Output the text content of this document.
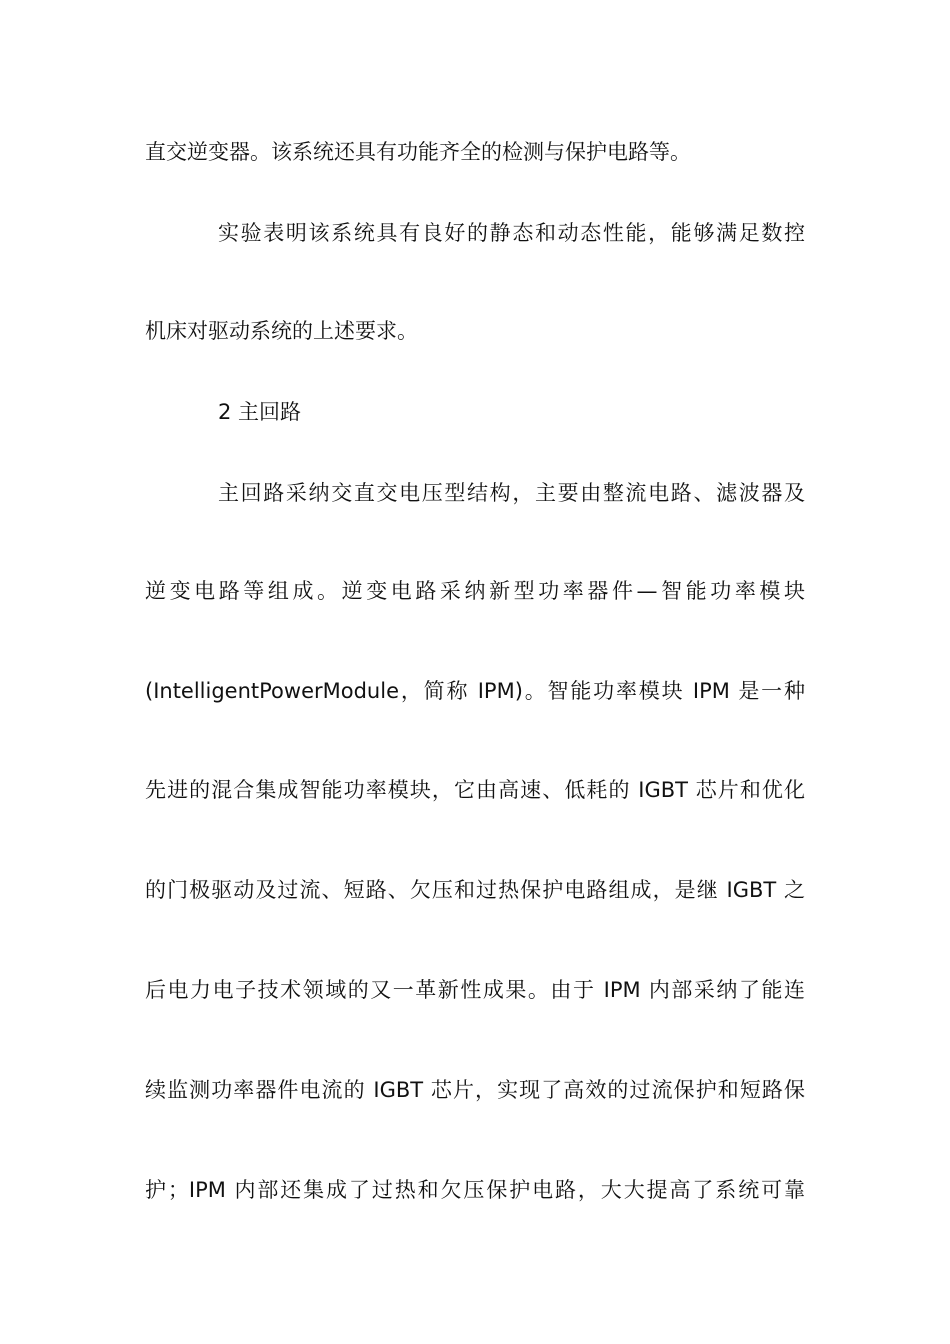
直交逆变器。该系统还具有功能齐全的检测与保护电路等。
实验表明该系统具有良好的静态和动态性能，能够满足数控
机床对驱动系统的上述要求。
2 主回路
主回路采纳交直交电压型结构，主要由整流电路、滤波器及
逆变电路等组成。逆变电路采纳新型功率器件—智能功率模块
(IntelligentPowerModule，简称 IPM)。智能功率模块 IPM 是一种
先进的混合集成智能功率模块，它由高速、低耗的 IGBT 芯片和优化
的门极驱动及过流、短路、欠压和过热保护电路组成，是继 IGBT 之
后电力电子技术领域的又一革新性成果。由于 IPM 内部采纳了能连
续监测功率器件电流的 IGBT 芯片，实现了高效的过流保护和短路保
护；IPM 内部还集成了过热和欠压保护电路，大大提高了系统可靠
